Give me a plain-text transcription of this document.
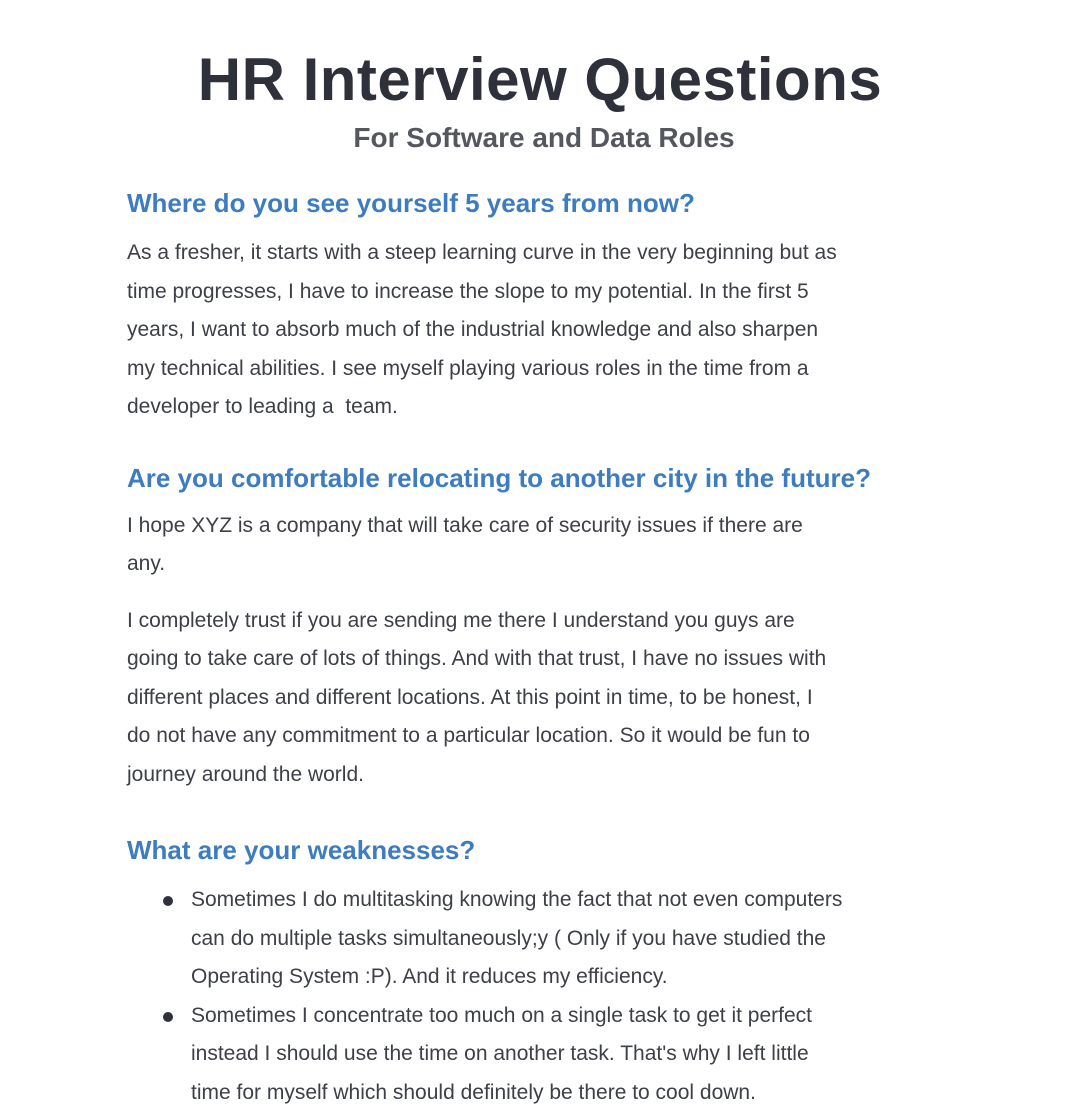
HR Interview Questions
For Software and Data Roles
Where do you see yourself 5 years from now?

As a fresher, it starts with a steep learning curve in the very beginning but as
time progresses, I have to increase the slope to my potential. In the first 5
years, I want to absorb much of the industrial knowledge and also sharpen
my technical abilities. I see myself playing various roles in the time from a
developer to leading a  team.

Are you comfortable relocating to another city in the future?

I hope XYZ is a company that will take care of security issues if there are
any.

I completely trust if you are sending me there I understand you guys are
going to take care of lots of things. And with that trust, I have no issues with
different places and different locations. At this point in time, to be honest, I
do not have any commitment to a particular location. So it would be fun to
journey around the world.

What are your weaknesses?
Sometimes I do multitasking knowing the fact that not even computers
can do multiple tasks simultaneously;y ( Only if you have studied the
Operating System :P). And it reduces my efficiency.
Sometimes I concentrate too much on a single task to get it perfect
instead I should use the time on another task. That's why I left little
time for myself which should definitely be there to cool down.
